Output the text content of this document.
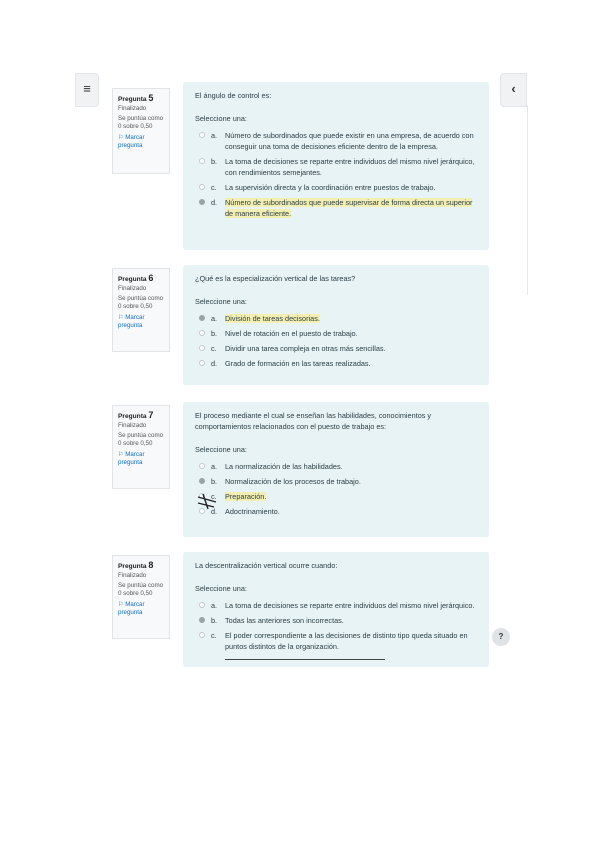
≡	‹
Pregunta 5
Finalizado
Se puntúa como 0 sobre 0,50
⚐ Marcar pregunta

El ángulo de control es:

Seleccione una:

a. Número de subordinados que puede existir en una empresa, de acuerdo con conseguir una toma de decisiones eficiente dentro de la empresa.
b. La toma de decisiones se reparte entre individuos del mismo nivel jerárquico, con rendimientos semejantes.
c. La supervisión directa y la coordinación entre puestos de trabajo.
d. Número de subordinados que puede supervisar de forma directa un superior de manera eficiente.
Pregunta 6
Finalizado
Se puntúa como 0 sobre 0,50
⚐ Marcar pregunta

¿Qué es la especialización vertical de las tareas?

Seleccione una:

a. División de tareas decisorias.
b. Nivel de rotación en el puesto de trabajo.
c. Dividir una tarea compleja en otras más sencillas.
d. Grado de formación en las tareas realizadas.
Pregunta 7
Finalizado
Se puntúa como 0 sobre 0,50
⚐ Marcar pregunta

El proceso mediante el cual se enseñan las habilidades, conocimientos y comportamientos relacionados con el puesto de trabajo es:

Seleccione una:

a. La normalización de las habilidades.
b. Normalización de los procesos de trabajo.
c. Preparación.
d. Adoctrinamiento.
Pregunta 8
Finalizado
Se puntúa como 0 sobre 0,50
⚐ Marcar pregunta

La descentralización vertical ocurre cuando:

Seleccione una:

a. La toma de decisiones se reparte entre individuos del mismo nivel jerárquico.
b. Todas las anteriores son incorrectas.
c. El poder correspondiente a las decisiones de distinto tipo queda situado en puntos distintos de la organización.
?
